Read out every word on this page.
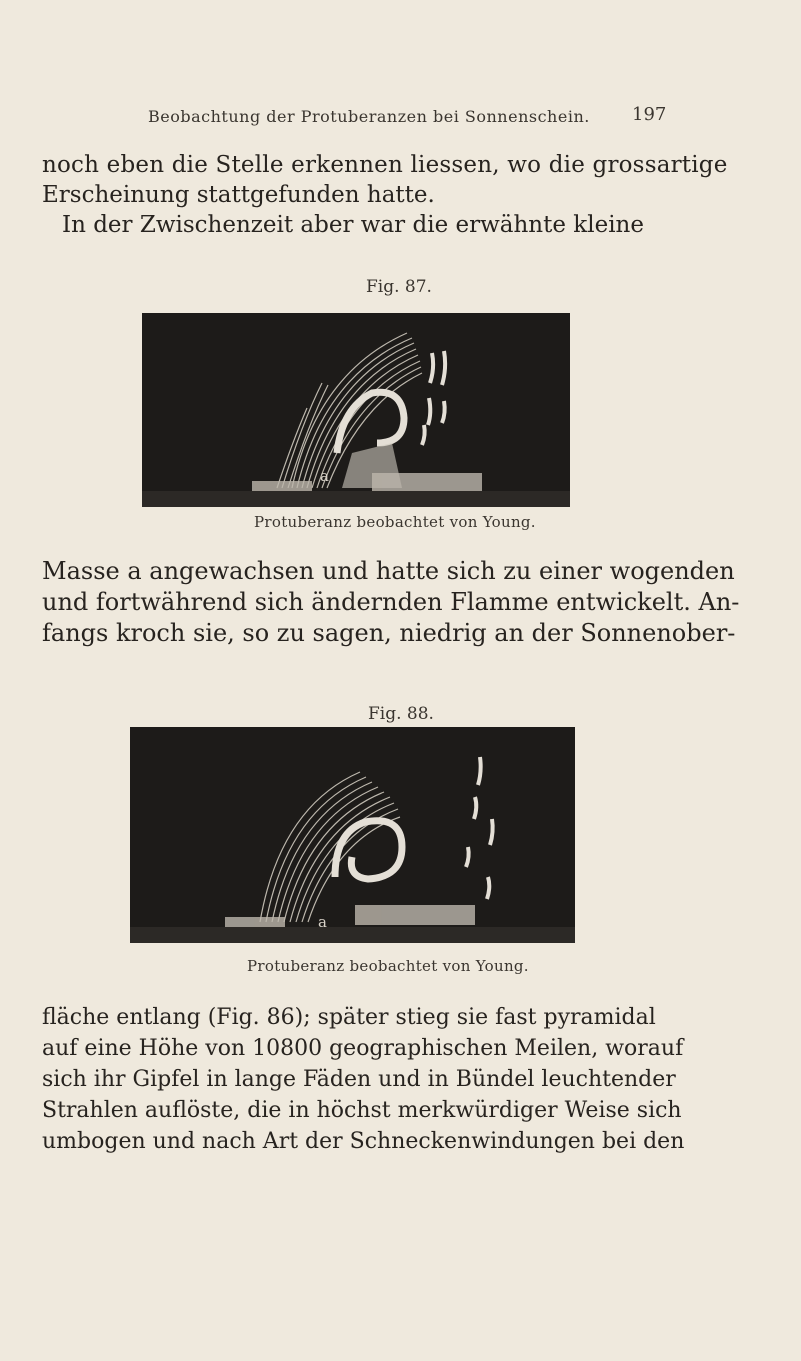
Beobachtung der Protuberanzen bei Sonnenschein. 197

noch eben die Stelle erkennen liessen, wo die grossartige
Erscheinung stattgefunden hatte.
In der Zwischenzeit aber war die erwähnte kleine

Fig. 87.
a
Protuberanz beobachtet von Young.

Masse a angewachsen und hatte sich zu einer wogenden
und fortwährend sich ändernden Flamme entwickelt. An-
fangs kroch sie, so zu sagen, niedrig an der Sonnenober-

Fig. 88.
a
Protuberanz beobachtet von Young.

fläche entlang (Fig. 86); später stieg sie fast pyramidal
auf eine Höhe von 10800 geographischen Meilen, worauf
sich ihr Gipfel in lange Fäden und in Bündel leuchtender
Strahlen auflöste, die in höchst merkwürdiger Weise sich
umbogen und nach Art der Schneckenwindungen bei den
